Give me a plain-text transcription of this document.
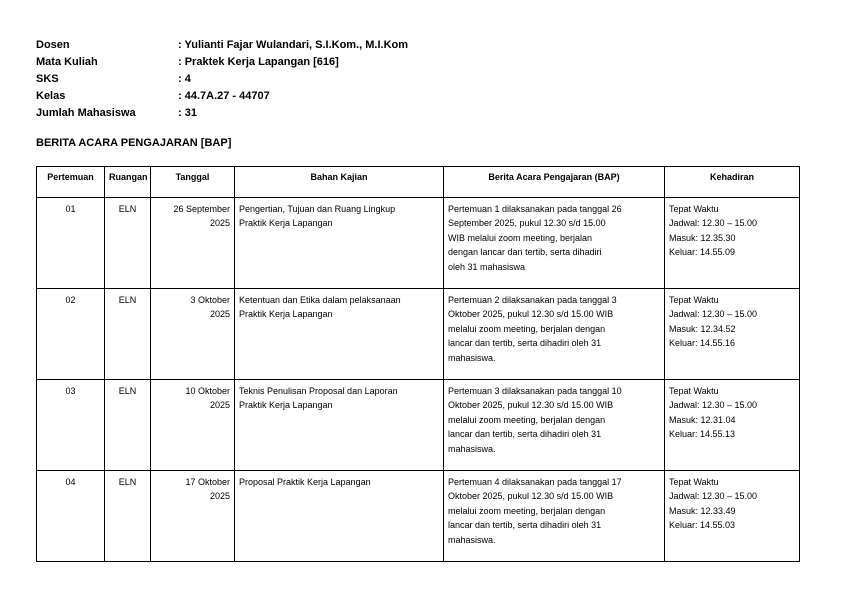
Dosen	: Yulianti Fajar Wulandari, S.I.Kom., M.I.Kom
Mata Kuliah	: Praktek Kerja Lapangan [616]
SKS	: 4
Kelas	: 44.7A.27 - 44707
Jumlah Mahasiswa	: 31
BERITA ACARA PENGAJARAN [BAP]
Pertemuan	Ruangan	Tanggal	Bahan Kajian	Berita Acara Pengajaran (BAP)	Kehadiran

01	ELN	26 September
2025	Pengertian, Tujuan dan Ruang Lingkup
Praktik Kerja Lapangan	Pertemuan 1 dilaksanakan pada tanggal 26
September 2025, pukul 12.30 s/d 15.00
WIB melalui zoom meeting, berjalan
dengan lancar dan tertib, serta dihadiri
oleh 31 mahasiswa	Tepat Waktu
Jadwal: 12.30 – 15.00
Masuk: 12.35.30
Keluar: 14.55.09

02	ELN	3 Oktober
2025	Ketentuan dan Etika dalam pelaksanaan
Praktik Kerja Lapangan	Pertemuan 2 dilaksanakan pada tanggal 3
Oktober 2025, pukul 12.30 s/d 15.00 WIB
melalui zoom meeting, berjalan dengan
lancar dan tertib, serta dihadiri oleh 31
mahasiswa.	Tepat Waktu
Jadwal: 12.30 – 15.00
Masuk: 12.34.52
Keluar: 14.55.16

03	ELN	10 Oktober
2025	Teknis Penulisan Proposal dan Laporan
Praktik Kerja Lapangan	Pertemuan 3 dilaksanakan pada tanggal 10
Oktober 2025, pukul 12.30 s/d 15.00 WIB
melalui zoom meeting, berjalan dengan
lancar dan tertib, serta dihadiri oleh 31
mahasiswa.	Tepat Waktu
Jadwal: 12.30 – 15.00
Masuk: 12.31.04
Keluar: 14.55.13

04	ELN	17 Oktober
2025	Proposal Praktik Kerja Lapangan	Pertemuan 4 dilaksanakan pada tanggal 17
Oktober 2025, pukul 12.30 s/d 15.00 WIB
melalui zoom meeting, berjalan dengan
lancar dan tertib, serta dihadiri oleh 31
mahasiswa.	Tepat Waktu
Jadwal: 12.30 – 15.00
Masuk: 12.33.49
Keluar: 14.55.03
